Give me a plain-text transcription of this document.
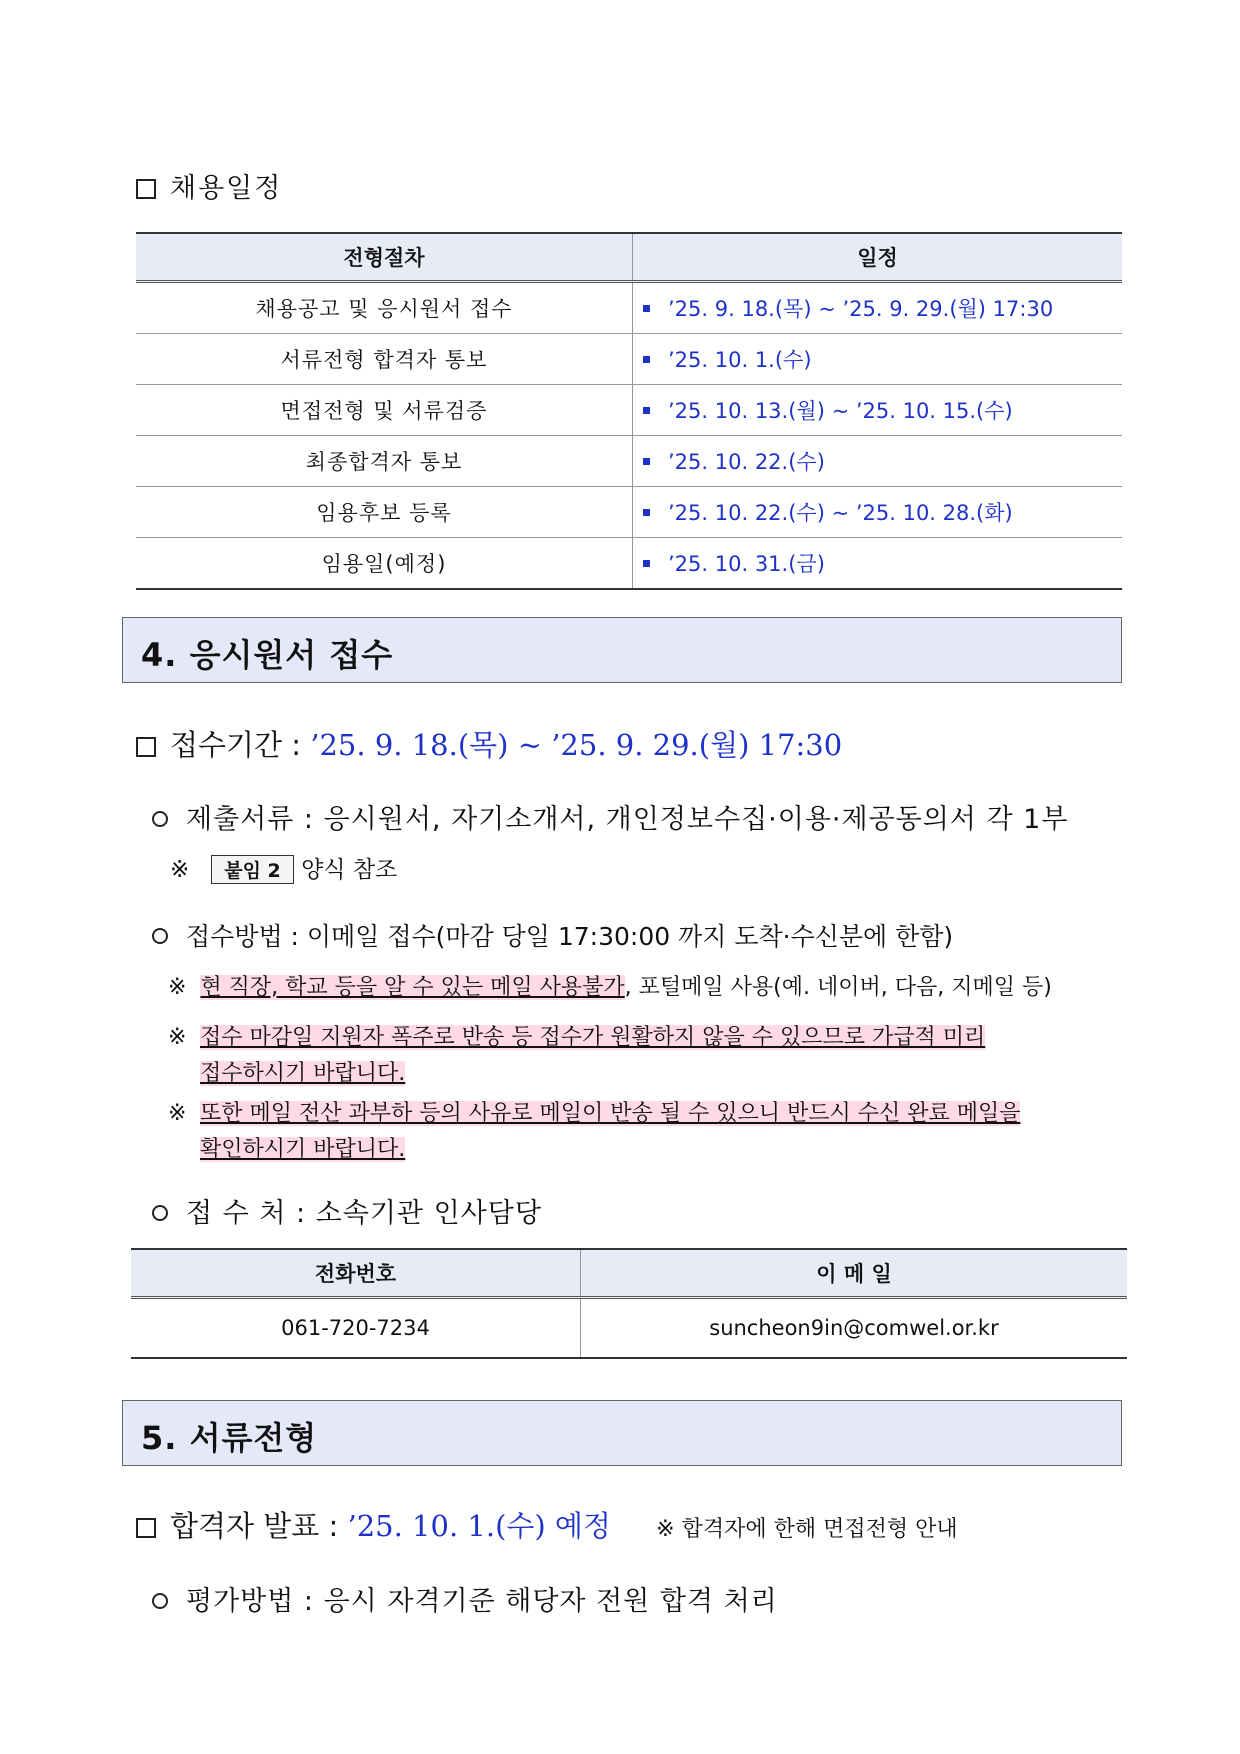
채용일정
전형절차	일정
채용공고 및 응시원서 접수	’25. 9. 18.(목) ~ ’25. 9. 29.(월) 17:30
서류전형 합격자 통보	’25. 10. 1.(수)
면접전형 및 서류검증	’25. 10. 13.(월) ~ ’25. 10. 15.(수)
최종합격자 통보	’25. 10. 22.(수)
임용후보 등록	’25. 10. 22.(수) ~ ’25. 10. 28.(화)
임용일(예정)	’25. 10. 31.(금)
4. 응시원서 접수
접수기간 : ’25. 9. 18.(목) ~ ’25. 9. 29.(월) 17:30
제출서류 : 응시원서, 자기소개서, 개인정보수집·이용·제공동의서 각 1부
※ 붙임 2 양식 참조
접수방법 : 이메일 접수(마감 당일 17:30:00 까지 도착·수신분에 한함)
※ 현 직장, 학교 등을 알 수 있는 메일 사용불가, 포털메일 사용(예. 네이버, 다음, 지메일 등)
※ 접수 마감일 지원자 폭주로 반송 등 접수가 원활하지 않을 수 있으므로 가급적 미리
접수하시기 바랍니다.
※ 또한 메일 전산 과부하 등의 사유로 메일이 반송 될 수 있으니 반드시 수신 완료 메일을
확인하시기 바랍니다.
접 수 처 : 소속기관 인사담당
전화번호	이 메 일
061-720-7234	suncheon9in@comwel.or.kr
5. 서류전형
합격자 발표 : ’25. 10. 1.(수) 예정 ※ 합격자에 한해 면접전형 안내
평가방법 : 응시 자격기준 해당자 전원 합격 처리
